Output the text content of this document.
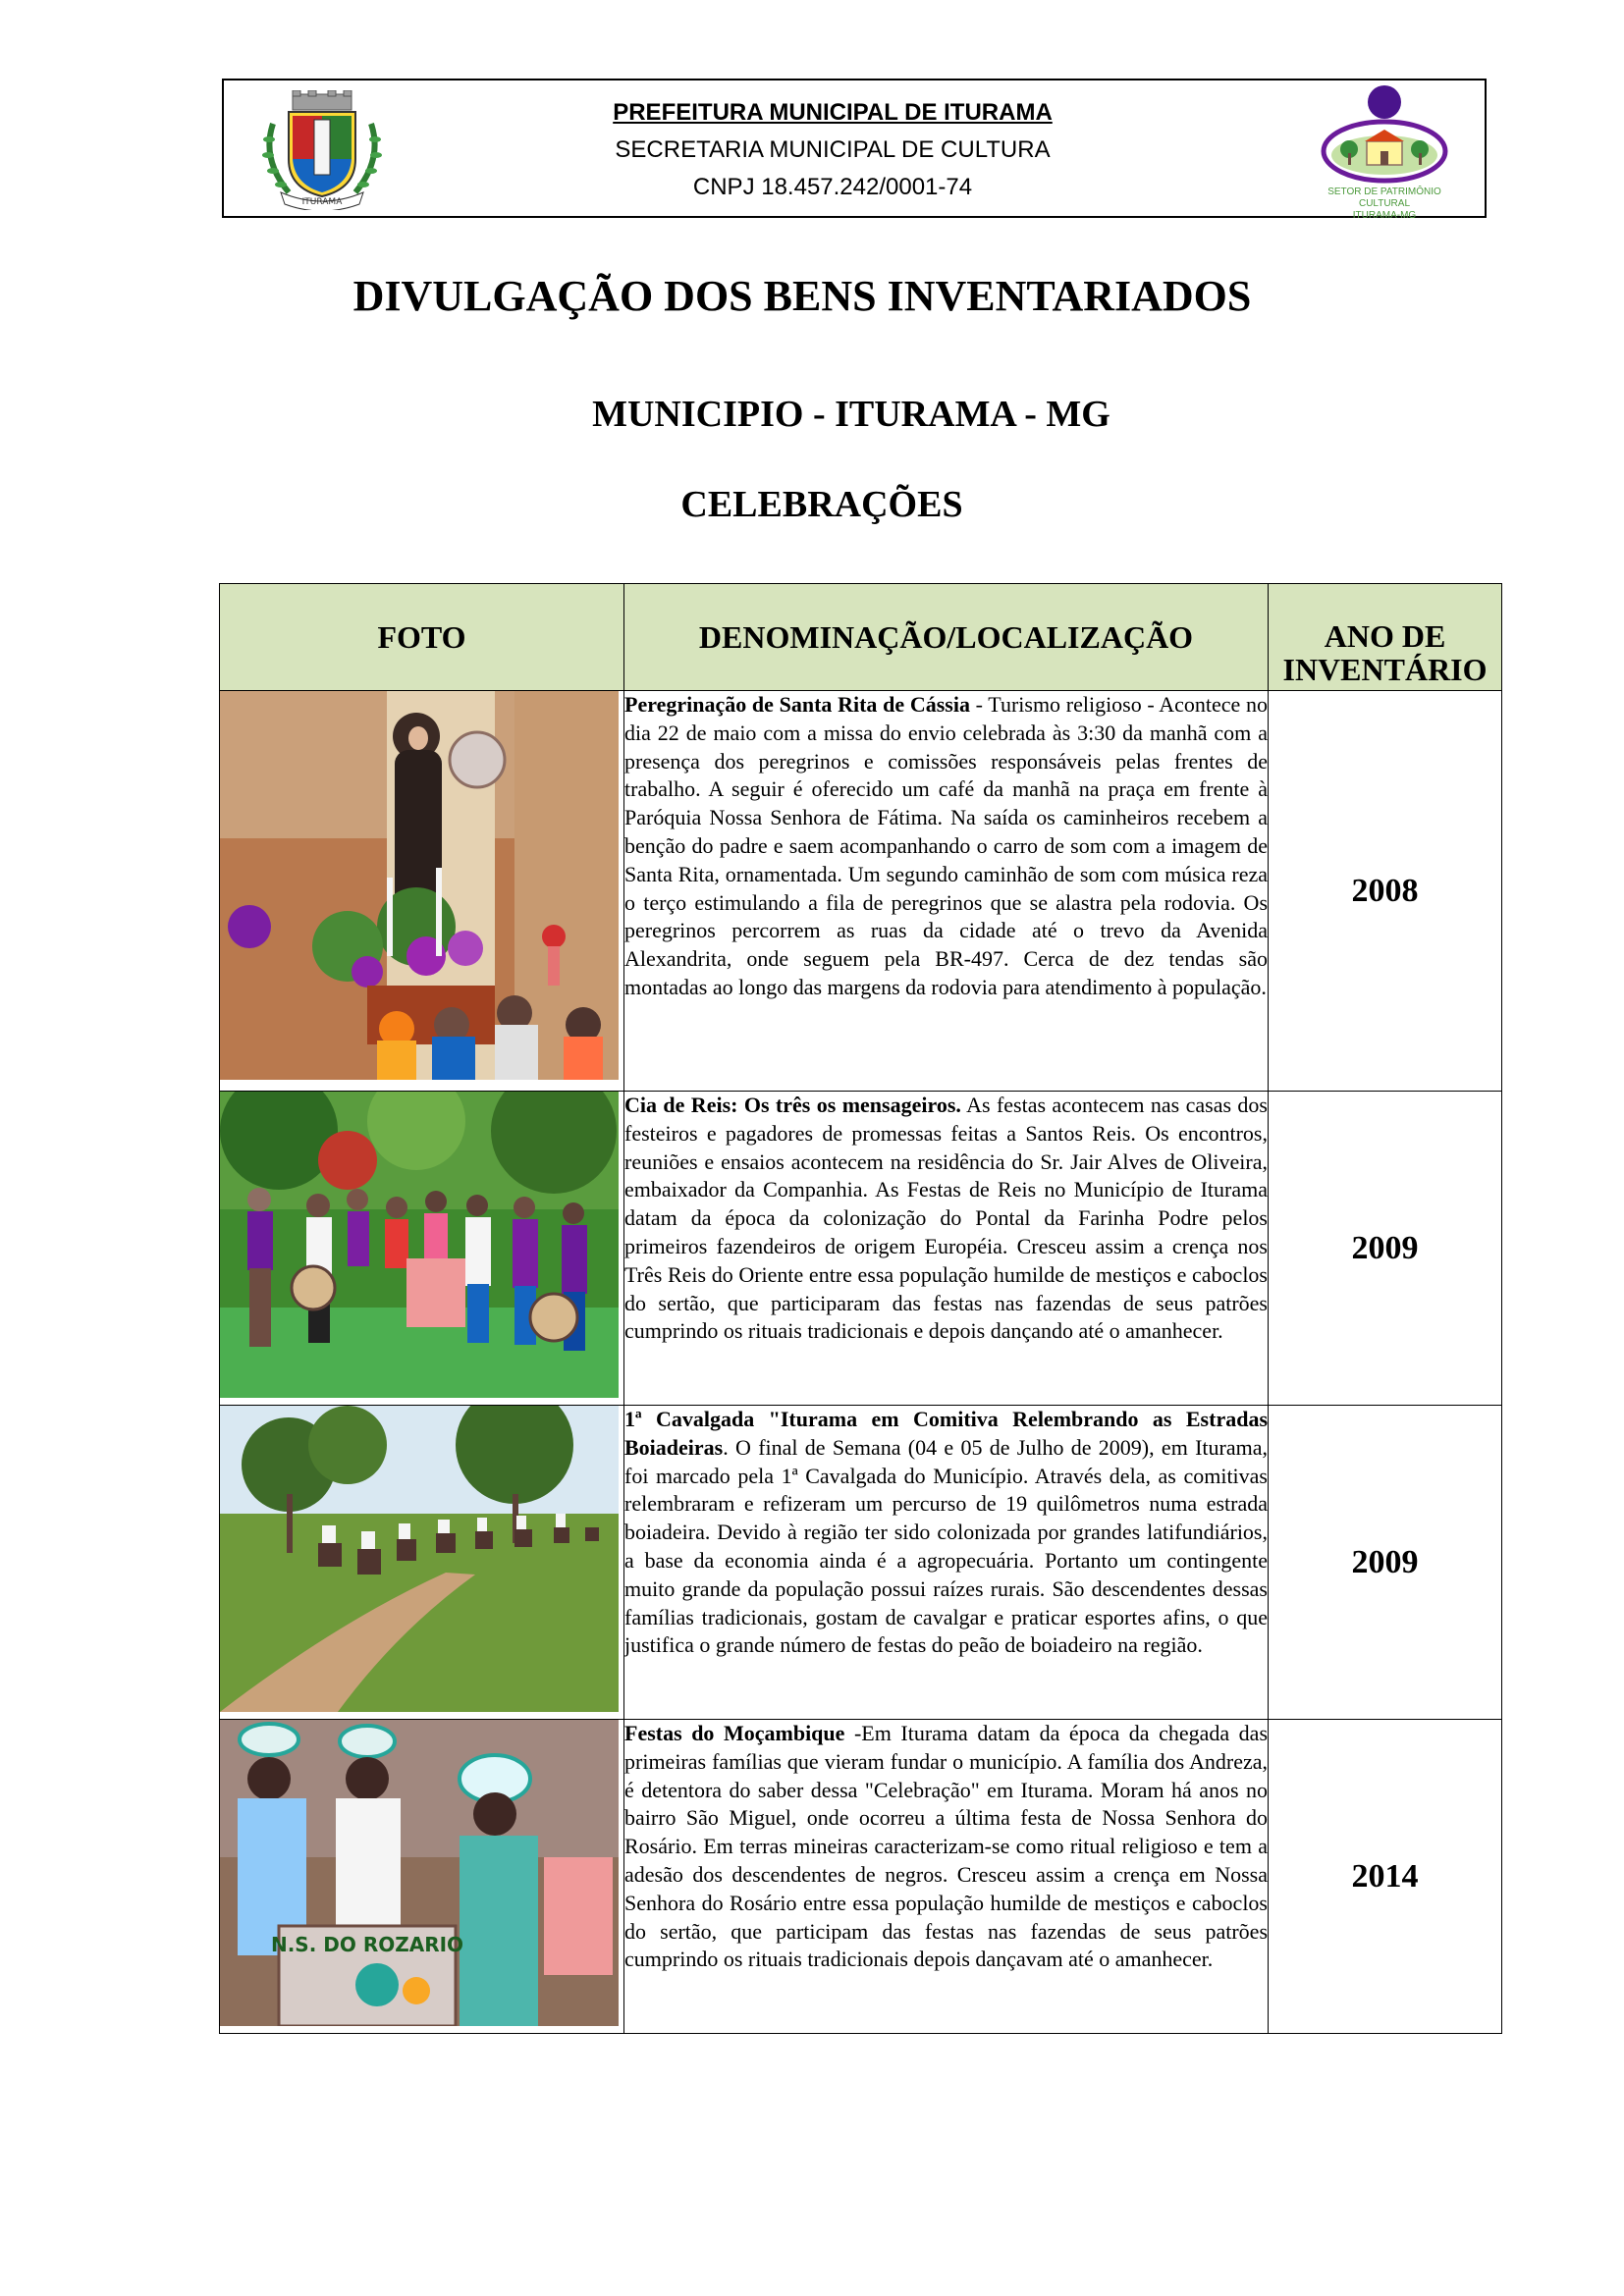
ITURAMA
PREFEITURA MUNICIPAL DE ITURAMA
SECRETARIA MUNICIPAL DE CULTURA
CNPJ 18.457.242/0001-74	SETOR DE PATRIMÔNIO CULTURAL
ITURAMA-MG
DIVULGAÇÃO DOS BENS INVENTARIADOS
MUNICIPIO - ITURAMA - MG
CELEBRAÇÕES
FOTO	DENOMINAÇÃO/LOCALIZAÇÃO	ANO DE
INVENTÁRIO

	Peregrinação de Santa Rita de Cássia - Turismo religioso - Acontece no dia 22 de maio com a missa do envio celebrada às 3:30 da manhã com a presença dos peregrinos e comissões responsáveis pelas frentes de trabalho. A seguir é oferecido um café da manhã na praça em frente à Paróquia Nossa Senhora de Fátima. Na saída os caminheiros recebem a benção do padre e saem acompanhando o carro de som com a imagem de Santa Rita, ornamentada. Um segundo caminhão de som com música reza o terço estimulando a fila de peregrinos que se alastra pela rodovia. Os peregrinos percorrem as ruas da cidade até o trevo da Avenida Alexandrita, onde seguem pela BR-497. Cerca de dez tendas são montadas ao longo das margens da rodovia para atendimento à população.	2008

	Cia de Reis: Os três os mensageiros. As festas acontecem nas casas dos festeiros e pagadores de promessas feitas a Santos Reis. Os encontros, reuniões e ensaios acontecem na residência do Sr. Jair Alves de Oliveira, embaixador da Companhia. As Festas de Reis no Município de Iturama datam da época da colonização do Pontal da Farinha Podre pelos primeiros fazendeiros de origem Européia. Cresceu assim a crença nos Três Reis do Oriente entre essa população humilde de mestiços e caboclos do sertão, que participaram das festas nas fazendas de seus patrões cumprindo os rituais tradicionais e depois dançando até o amanhecer.	2009

	1ª Cavalgada "Iturama em Comitiva Relembrando as Estradas Boiadeiras. O final de Semana (04 e 05 de Julho de 2009), em Iturama, foi marcado pela 1ª Cavalgada do Município. Através dela, as comitivas relembraram e refizeram um percurso de 19 quilômetros numa estrada boiadeira. Devido à região ter sido colonizada por grandes latifundiários, a base da economia ainda é a agropecuária. Portanto um contingente muito grande da população possui raízes rurais. São descendentes dessas famílias tradicionais, gostam de cavalgar e praticar esportes afins, o que justifica o grande número de festas do peão de boiadeiro na região.	2009

N.S. DO ROZARIO	Festas do Moçambique -Em Iturama datam da época da chegada das primeiras famílias que vieram fundar o município. A família dos Andreza, é detentora do saber dessa "Celebração" em Iturama. Moram há anos no bairro São Miguel, onde ocorreu a última festa de Nossa Senhora do Rosário. Em terras mineiras caracterizam-se como ritual religioso e tem a adesão dos descendentes de negros. Cresceu assim a crença em Nossa Senhora do Rosário entre essa população humilde de mestiços e caboclos do sertão, que participam das festas nas fazendas de seus patrões cumprindo os rituais tradicionais depois dançavam até o amanhecer.	2014
